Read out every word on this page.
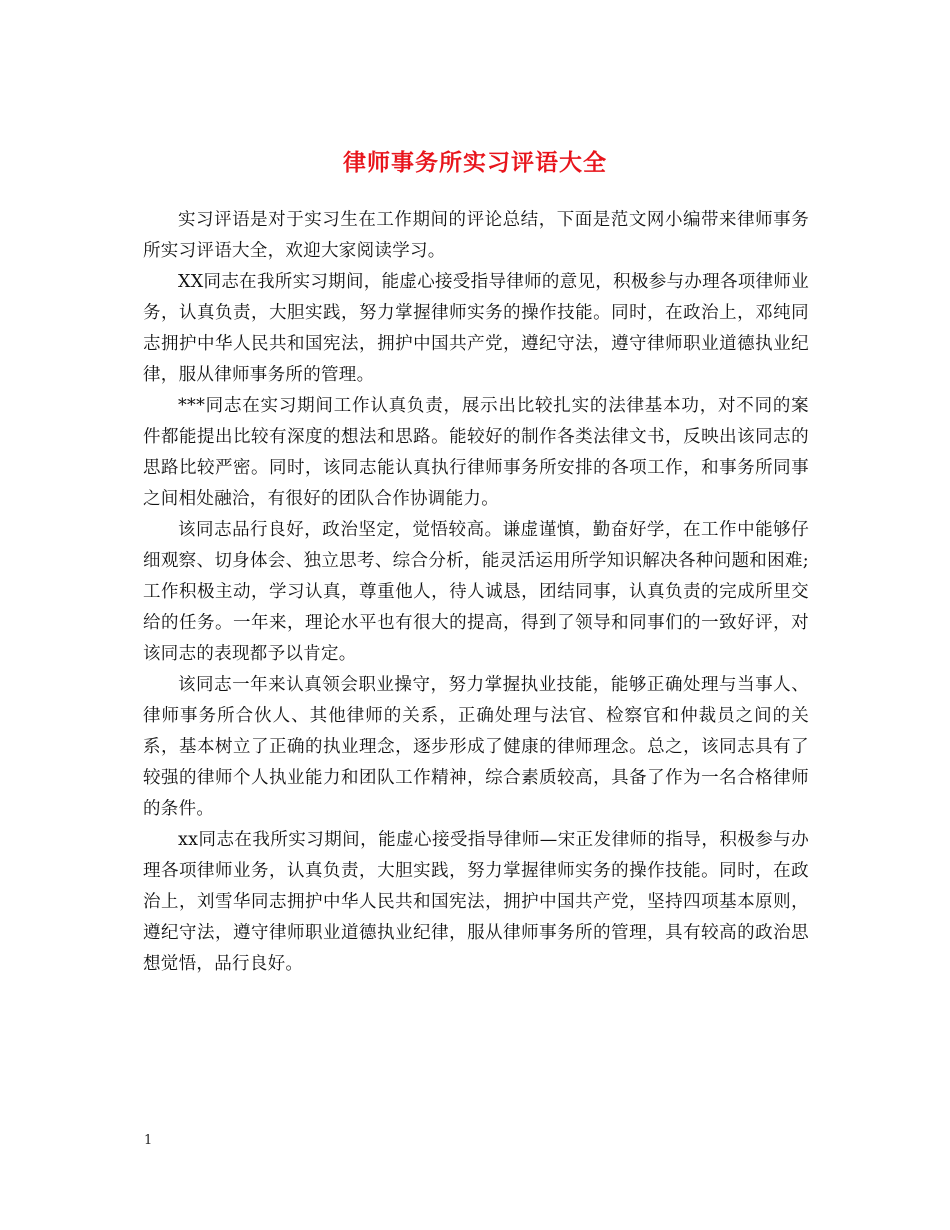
律师事务所实习评语大全

实习评语是对于实习生在工作期间的评论总结，下面是范文网小编带来律师事务所实习评语大全，欢迎大家阅读学习。

XX同志在我所实习期间，能虚心接受指导律师的意见，积极参与办理各项律师业务，认真负责，大胆实践，努力掌握律师实务的操作技能。同时，在政治上，邓纯同志拥护中华人民共和国宪法，拥护中国共产党，遵纪守法，遵守律师职业道德执业纪律，服从律师事务所的管理。

***同志在实习期间工作认真负责，展示出比较扎实的法律基本功，对不同的案件都能提出比较有深度的想法和思路。能较好的制作各类法律文书，反映出该同志的思路比较严密。同时，该同志能认真执行律师事务所安排的各项工作，和事务所同事之间相处融洽，有很好的团队合作协调能力。

该同志品行良好，政治坚定，觉悟较高。谦虚谨慎，勤奋好学，在工作中能够仔细观察、切身体会、独立思考、综合分析，能灵活运用所学知识解决各种问题和困难;工作积极主动，学习认真，尊重他人，待人诚恳，团结同事，认真负责的完成所里交给的任务。一年来，理论水平也有很大的提高，得到了领导和同事们的一致好评，对该同志的表现都予以肯定。

该同志一年来认真领会职业操守，努力掌握执业技能，能够正确处理与当事人、律师事务所合伙人、其他律师的关系，正确处理与法官、检察官和仲裁员之间的关系，基本树立了正确的执业理念，逐步形成了健康的律师理念。总之，该同志具有了较强的律师个人执业能力和团队工作精神，综合素质较高，具备了作为一名合格律师的条件。

xx同志在我所实习期间，能虚心接受指导律师—宋正发律师的指导，积极参与办理各项律师业务，认真负责，大胆实践，努力掌握律师实务的操作技能。同时，在政治上，刘雪华同志拥护中华人民共和国宪法，拥护中国共产党，坚持四项基本原则，遵纪守法，遵守律师职业道德执业纪律，服从律师事务所的管理，具有较高的政治思想觉悟，品行良好。

1
